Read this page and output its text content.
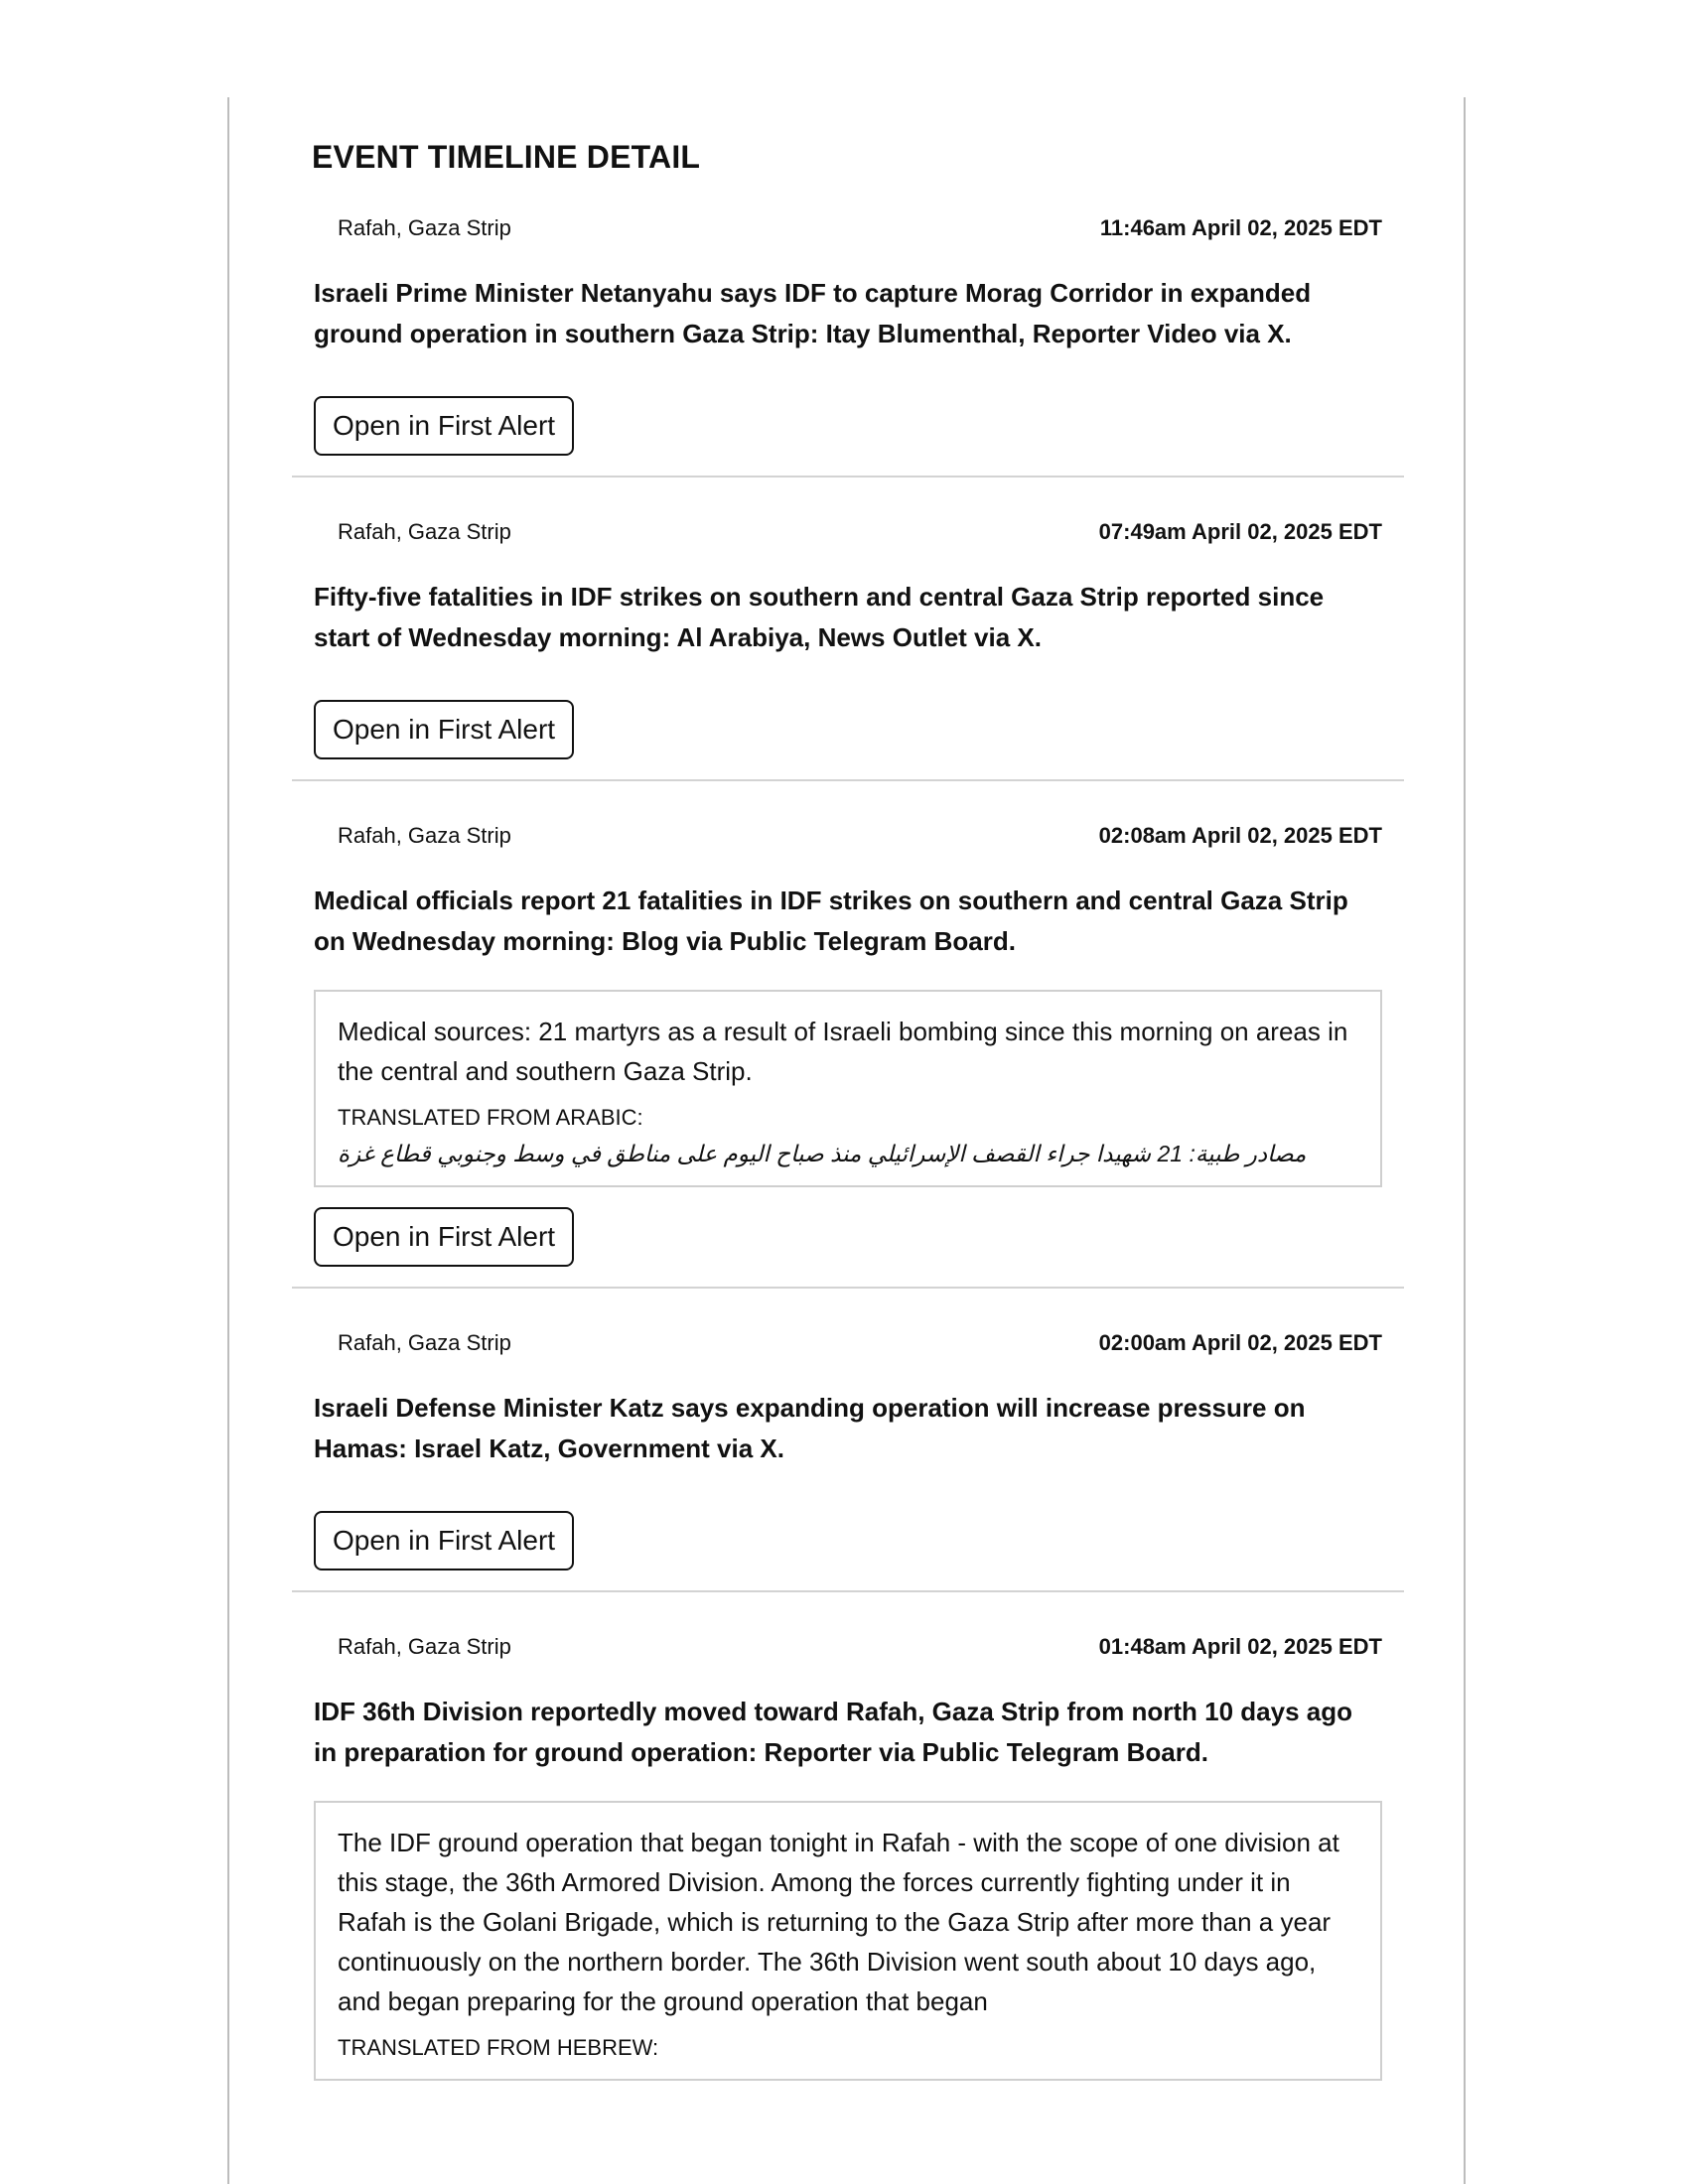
EVENT TIMELINE DETAIL
Rafah, Gaza Strip	11:46am April 02, 2025 EDT
Israeli Prime Minister Netanyahu says IDF to capture Morag Corridor in expanded ground operation in southern Gaza Strip: Itay Blumenthal, Reporter Video via X.
Open in First Alert
Rafah, Gaza Strip	07:49am April 02, 2025 EDT
Fifty-five fatalities in IDF strikes on southern and central Gaza Strip reported since start of Wednesday morning: Al Arabiya, News Outlet via X.
Open in First Alert
Rafah, Gaza Strip	02:08am April 02, 2025 EDT
Medical officials report 21 fatalities in IDF strikes on southern and central Gaza Strip on Wednesday morning: Blog via Public Telegram Board.
Medical sources: 21 martyrs as a result of Israeli bombing since this morning on areas in the central and southern Gaza Strip.
TRANSLATED FROM ARABIC:
مصادر طبية: 21 شهيدا جراء القصف الإسرائيلي منذ صباح اليوم على مناطق في وسط وجنوبي قطاع غزة
Open in First Alert
Rafah, Gaza Strip	02:00am April 02, 2025 EDT
Israeli Defense Minister Katz says expanding operation will increase pressure on Hamas: Israel Katz, Government via X.
Open in First Alert
Rafah, Gaza Strip	01:48am April 02, 2025 EDT
IDF 36th Division reportedly moved toward Rafah, Gaza Strip from north 10 days ago in preparation for ground operation: Reporter via Public Telegram Board.
The IDF ground operation that began tonight in Rafah - with the scope of one division at this stage, the 36th Armored Division. Among the forces currently fighting under it in Rafah is the Golani Brigade, which is returning to the Gaza Strip after more than a year continuously on the northern border. The 36th Division went south about 10 days ago, and began preparing for the ground operation that began
TRANSLATED FROM HEBREW:
